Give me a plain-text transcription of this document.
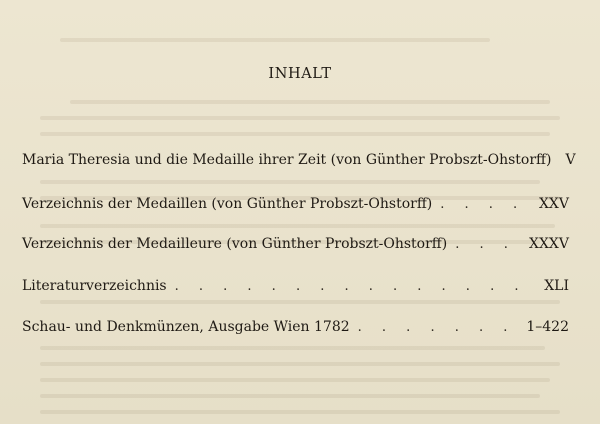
INHALT
Maria Theresia und die Medaille ihrer Zeit (von Günther Probszt-Ohstorff) V
Verzeichnis der Medaillen (von Günther Probszt-Ohstorff) . . .	XXV
Verzeichnis der Medailleure (von Günther Probszt-Ohstorff) . . .	XXXV
Literaturverzeichnis . . .	XLI
Schau- und Denkmünzen, Ausgabe Wien 1782 . . .	1–422
